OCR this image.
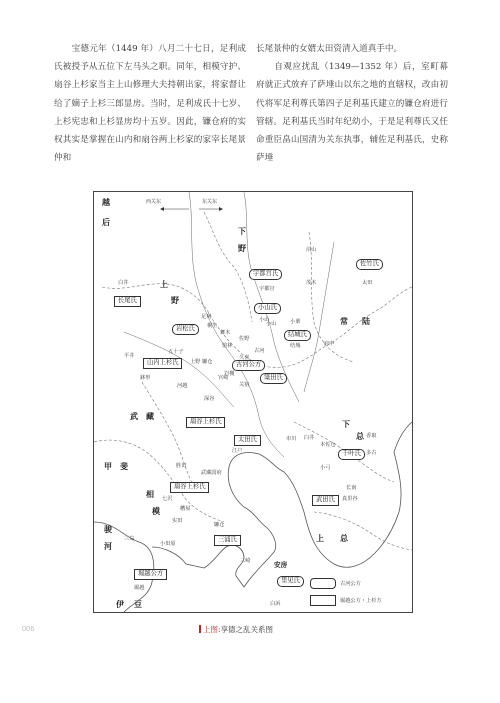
　　宝德元年（1449 年）八月二十七日，足利成氏被授予从五位下左马头之职。同年，相模守护、扇谷上杉家当主上山修理大夫持朝出家，将家督让给了嫡子上杉三郎显房。当时，足利成氏十七岁、上杉宪忠和上杉显房均十五岁。因此，镰仓府的实权其实是掌握在山内和扇谷两上杉家的家宰长尾景仲和

长尾景仲的女婿太田资清入道真手中。

　　自观应扰乱（1349—1352 年）后，室町幕府就正式放弃了萨埵山以东之地的直辖权，改由初代将军足利尊氏第四子足利基氏建立的镰仓府进行管辖。足利基氏当时年纪幼小，于是足利尊氏又任命重臣畠山国清为关东执事，辅佐足利基氏，史称萨埵

西关东	东关东
越
后
上
野
下
野
常 陆
武 藏
下
总
甲 斐
相
模
上 总
骏
河
伊 豆
安房
佐竹氏
宇都宫氏
小山氏
结城氏
古河公方
岩松氏
簗田氏
千叶氏
里见氏
长尾氏
山内上杉氏
扇谷上杉氏
太田氏
扇谷上杉氏
三浦氏
武田氏
堀越公方
沼山
白井
足利
桐生
小山
宇都宫
茂木	太田
平井
五十子
鉢形
岩槻
古河
关宿
结城
小栗
府中
河越
江户
市川 臼井
本佐仓
香取
多古
胜田
武藏国府
小田原
七沢
糟屋
实田
镰仓
三崎
镰仓
久喜
佐野
舞木
馆林
小山
真里谷
长南
三岛
堀越
白浜
小弓
深谷
上野
宫崎
古河公方
堀越公方・上杉方
006	上图:享德之乱关系图
